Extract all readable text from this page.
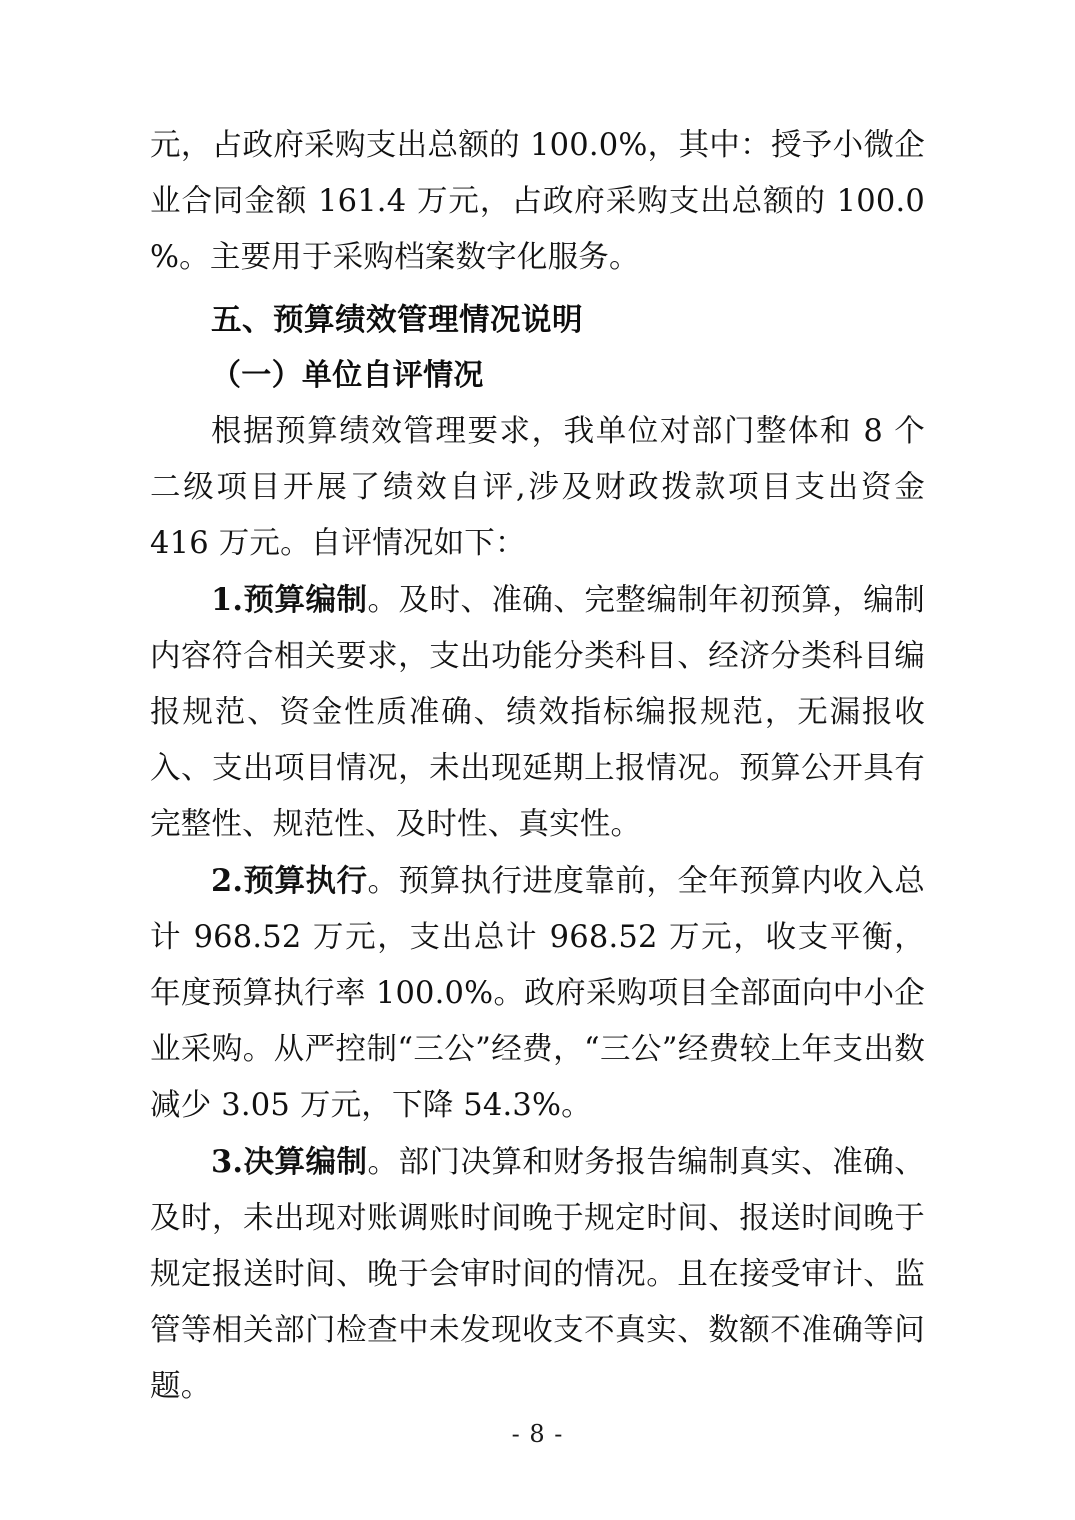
元，占政府采购支出总额的 100.0%，其中：授予小微企业合同金额 161.4 万元，占政府采购支出总额的 100.0 %。主要用于采购档案数字化服务。

五、预算绩效管理情况说明

（一）单位自评情况

根据预算绩效管理要求，我单位对部门整体和 8 个二级项目开展了绩效自评,涉及财政拨款项目支出资金 416 万元。自评情况如下：

1.预算编制。及时、准确、完整编制年初预算，编制内容符合相关要求，支出功能分类科目、经济分类科目编报规范、资金性质准确、绩效指标编报规范，无漏报收入、支出项目情况，未出现延期上报情况。预算公开具有完整性、规范性、及时性、真实性。

2.预算执行。预算执行进度靠前，全年预算内收入总计 968.52 万元，支出总计 968.52 万元，收支平衡，年度预算执行率 100.0%。政府采购项目全部面向中小企业采购。从严控制“三公”经费，“三公”经费较上年支出数减少 3.05 万元，下降 54.3%。

3.决算编制。部门决算和财务报告编制真实、准确、及时，未出现对账调账时间晚于规定时间、报送时间晚于规定报送时间、晚于会审时间的情况。且在接受审计、监管等相关部门检查中未发现收支不真实、数额不准确等问题。

- 8 -
